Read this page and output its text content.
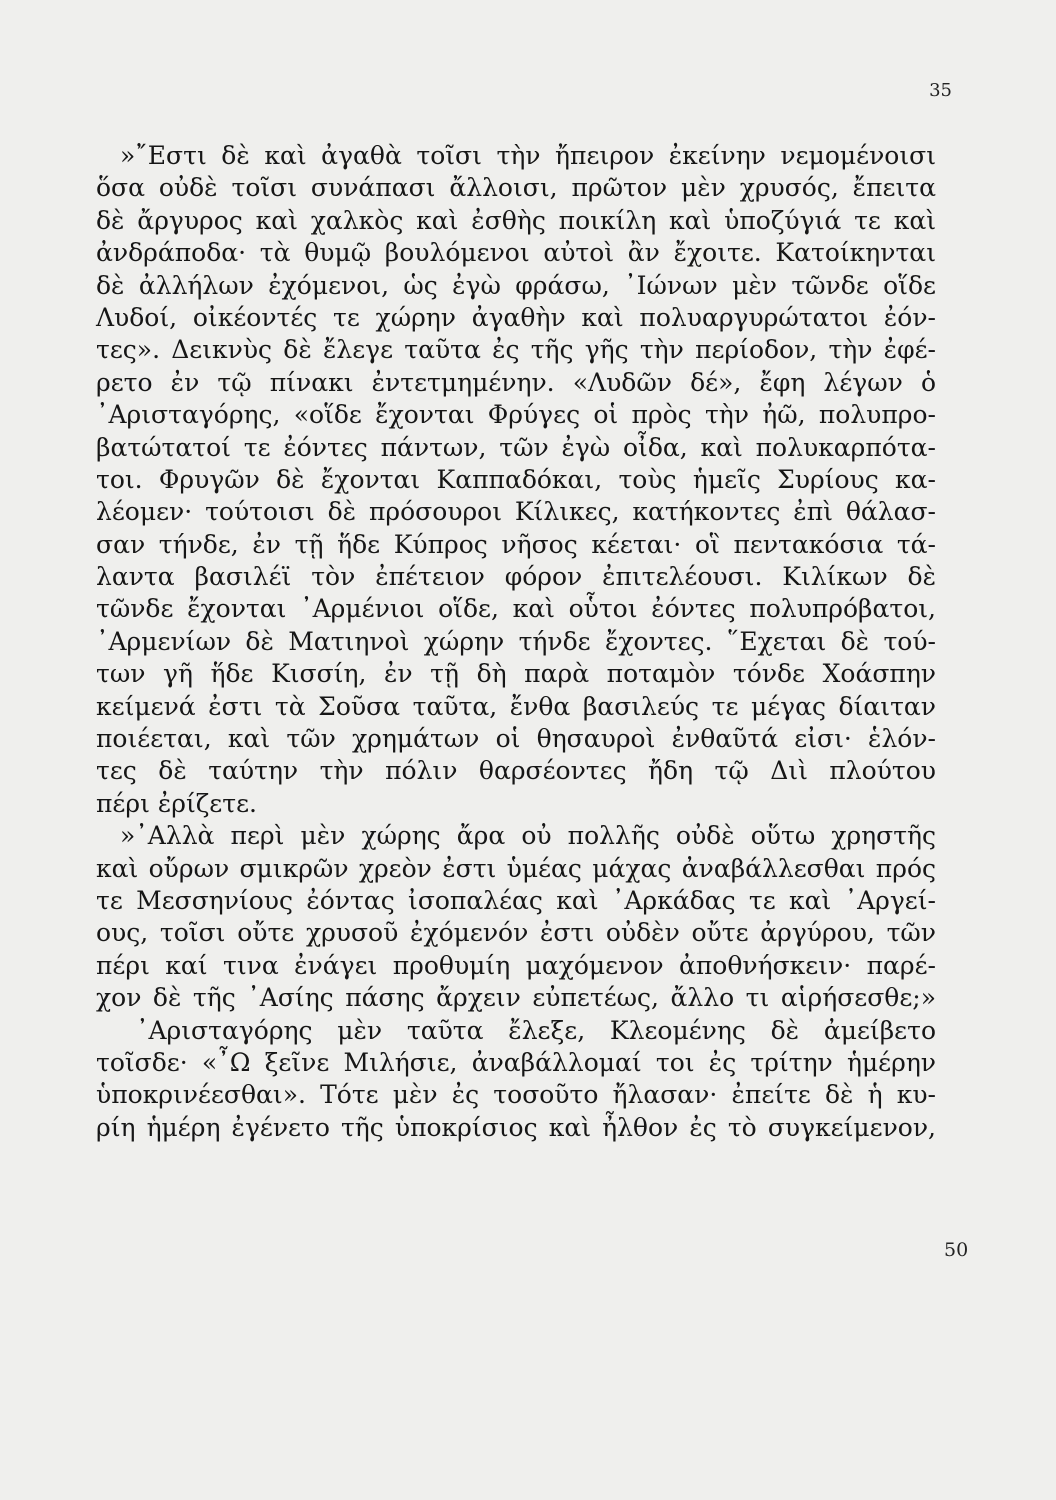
35
»῎Εστι δὲ καὶ ἀγαθὰ τοῖσι τὴν ἤπειρον ἐκείνην νεμομένοισι
ὅσα οὐδὲ τοῖσι συνάπασι ἄλλοισι, πρῶτον μὲν χρυσός, ἔπειτα
δὲ ἄργυρος καὶ χαλκὸς καὶ ἐσθὴς ποικίλη καὶ ὑποζύγιά τε καὶ
ἀνδράποδα· τὰ θυμῷ βουλόμενοι αὐτοὶ ἂν ἔχοιτε. Κατοίκηνται
δὲ ἀλλήλων ἐχόμενοι, ὡς ἐγὼ φράσω, ᾿Ιώνων μὲν τῶνδε οἵδε
Λυδοί, οἰκέοντές τε χώρην ἀγαθὴν καὶ πολυαργυρώτατοι ἐόν-
τες». Δεικνὺς δὲ ἔλεγε ταῦτα ἐς τῆς γῆς τὴν περίοδον, τὴν ἐφέ-
ρετο ἐν τῷ πίνακι ἐντετμημένην. «Λυδῶν δέ», ἔφη λέγων ὁ
᾿Αρισταγόρης, «οἵδε ἔχονται Φρύγες οἱ πρὸς τὴν ἠῶ, πολυπρο-
βατώτατοί τε ἐόντες πάντων, τῶν ἐγὼ οἶδα, καὶ πολυκαρπότα-
τοι. Φρυγῶν δὲ ἔχονται Καππαδόκαι, τοὺς ἡμεῖς Συρίους κα-
λέομεν· τούτοισι δὲ πρόσουροι Κίλικες, κατήκοντες ἐπὶ θάλασ-
σαν τήνδε, ἐν τῇ ἥδε Κύπρος νῆσος κέεται· οἳ πεντακόσια τά-
λαντα βασιλέϊ τὸν ἐπέτειον φόρον ἐπιτελέουσι. Κιλίκων δὲ
τῶνδε ἔχονται ᾿Αρμένιοι οἵδε, καὶ οὗτοι ἐόντες πολυπρόβατοι,
᾿Αρμενίων δὲ Ματιηνοὶ χώρην τήνδε ἔχοντες. ῞Εχεται δὲ τού-
των γῆ ἥδε Κισσίη, ἐν τῇ δὴ παρὰ ποταμὸν τόνδε Χοάσπην
κείμενά ἐστι τὰ Σοῦσα ταῦτα, ἔνθα βασιλεύς τε μέγας δίαιταν
ποιέεται, καὶ τῶν χρημάτων οἱ θησαυροὶ ἐνθαῦτά εἰσι· ἑλόν-
τες δὲ ταύτην τὴν πόλιν θαρσέοντες ἤδη τῷ Διὶ πλούτου
πέρι ἐρίζετε.
»᾿Αλλὰ περὶ μὲν χώρης ἄρα οὐ πολλῆς οὐδὲ οὕτω χρηστῆς
καὶ οὔρων σμικρῶν χρεὸν ἐστι ὑμέας μάχας ἀναβάλλεσθαι πρός
τε Μεσσηνίους ἐόντας ἰσοπαλέας καὶ ᾿Αρκάδας τε καὶ ᾿Αργεί-
ους, τοῖσι οὔτε χρυσοῦ ἐχόμενόν ἐστι οὐδὲν οὔτε ἀργύρου, τῶν
πέρι καί τινα ἐνάγει προθυμίη μαχόμενον ἀποθνήσκειν· παρέ-
χον δὲ τῆς ᾿Ασίης πάσης ἄρχειν εὐπετέως, ἄλλο τι αἱρήσεσθε;»
᾿Αρισταγόρης μὲν ταῦτα ἔλεξε, Κλεομένης δὲ ἀμείβετο
τοῖσδε· «῏Ω ξεῖνε Μιλήσιε, ἀναβάλλομαί τοι ἐς τρίτην ἡμέρην
ὑποκρινέεσθαι». Τότε μὲν ἐς τοσοῦτο ἤλασαν· ἐπείτε δὲ ἡ κυ-
ρίη ἡμέρη ἐγένετο τῆς ὑποκρίσιος καὶ ἦλθον ἐς τὸ συγκείμενον,
50
